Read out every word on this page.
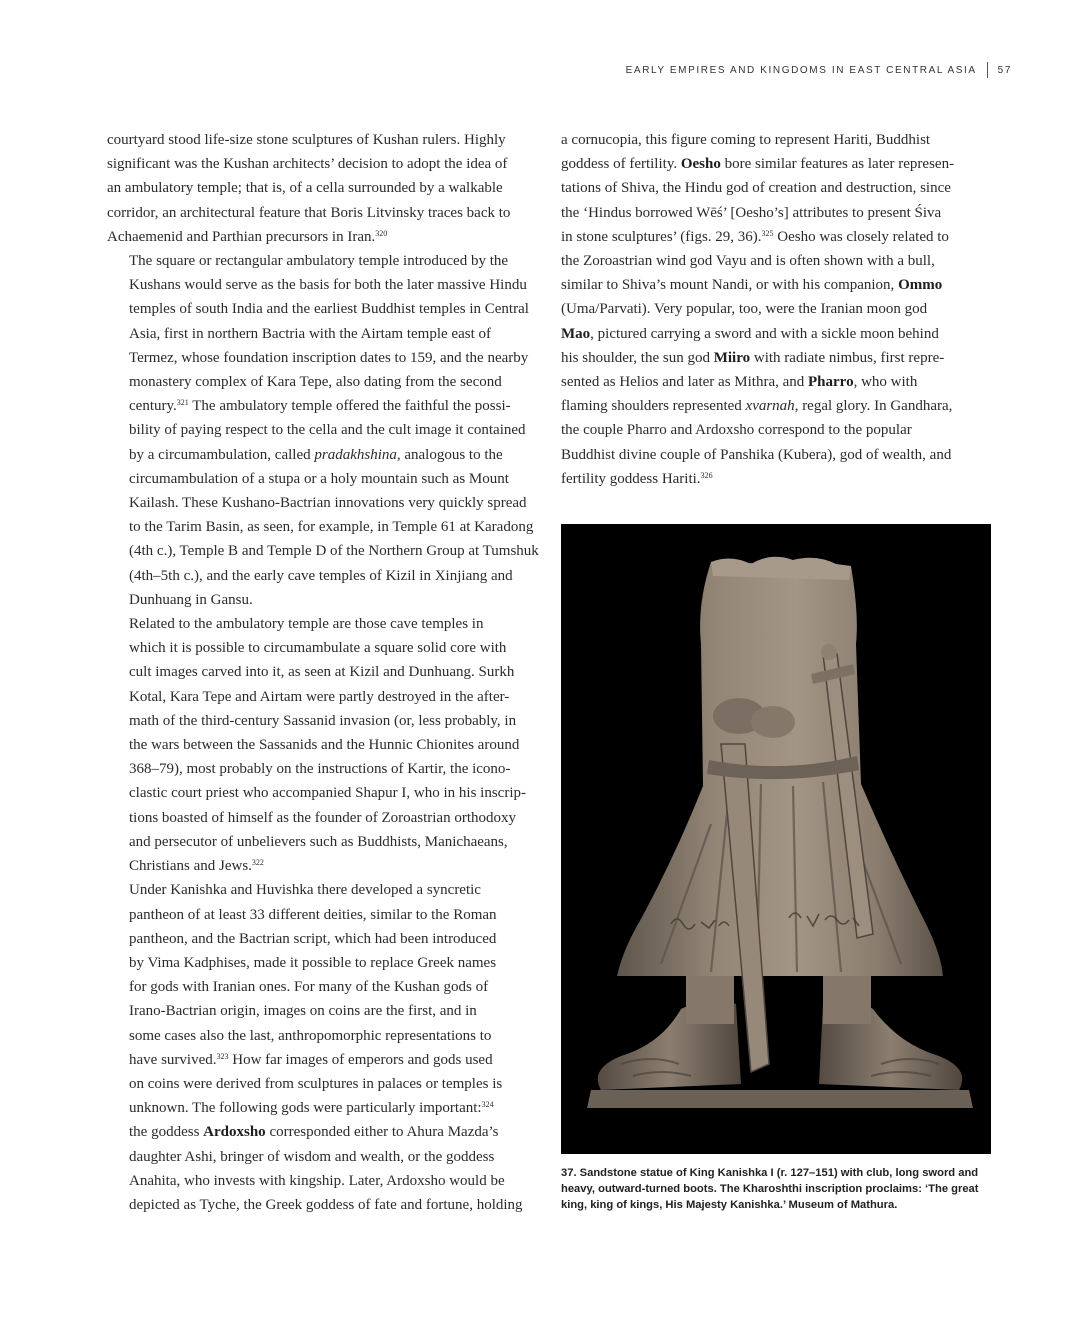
EARLY EMPIRES AND KINGDOMS IN EAST CENTRAL ASIA 57

courtyard stood life-size stone sculptures of Kushan rulers. Highly
significant was the Kushan architects’ decision to adopt the idea of
an ambulatory temple; that is, of a cella surrounded by a walkable
corridor, an architectural feature that Boris Litvinsky traces back to
Achaemenid and Parthian precursors in Iran.$^{320}$

The square or rectangular ambulatory temple introduced by the
Kushans would serve as the basis for both the later massive Hindu
temples of south India and the earliest Buddhist temples in Central
Asia, first in northern Bactria with the Airtam temple east of
Termez, whose foundation inscription dates to 159, and the nearby
monastery complex of Kara Tepe, also dating from the second
century.$^{321}$ The ambulatory temple offered the faithful the possi-
bility of paying respect to the cella and the cult image it contained
by a circumambulation, called pradakhshina, analogous to the
circumambulation of a stupa or a holy mountain such as Mount
Kailash. These Kushano-Bactrian innovations very quickly spread
to the Tarim Basin, as seen, for example, in Temple 61 at Karadong
(4th c.), Temple B and Temple D of the Northern Group at Tumshuk
(4th–5th c.), and the early cave temples of Kizil in Xinjiang and
Dunhuang in Gansu.

Related to the ambulatory temple are those cave temples in
which it is possible to circumambulate a square solid core with
cult images carved into it, as seen at Kizil and Dunhuang. Surkh
Kotal, Kara Tepe and Airtam were partly destroyed in the after-
math of the third-century Sassanid invasion (or, less probably, in
the wars between the Sassanids and the Hunnic Chionites around
368–79), most probably on the instructions of Kartir, the icono-
clastic court priest who accompanied Shapur I, who in his inscrip-
tions boasted of himself as the founder of Zoroastrian orthodoxy
and persecutor of unbelievers such as Buddhists, Manichaeans,
Christians and Jews.$^{322}$

Under Kanishka and Huvishka there developed a syncretic
pantheon of at least 33 different deities, similar to the Roman
pantheon, and the Bactrian script, which had been introduced
by Vima Kadphises, made it possible to replace Greek names
for gods with Iranian ones. For many of the Kushan gods of
Irano-Bactrian origin, images on coins are the first, and in
some cases also the last, anthropomorphic representations to
have survived.$^{323}$ How far images of emperors and gods used
on coins were derived from sculptures in palaces or temples is
unknown. The following gods were particularly important:$^{324}$
the goddess Ardoxsho corresponded either to Ahura Mazda’s
daughter Ashi, bringer of wisdom and wealth, or the goddess
Anahita, who invests with kingship. Later, Ardoxsho would be
depicted as Tyche, the Greek goddess of fate and fortune, holding

a cornucopia, this figure coming to represent Hariti, Buddhist
goddess of fertility. Oesho bore similar features as later represen-
tations of Shiva, the Hindu god of creation and destruction, since
the ‘Hindus borrowed Wēś’ [Oesho’s] attributes to present Śiva
in stone sculptures’ (figs. 29, 36).$^{325}$ Oesho was closely related to
the Zoroastrian wind god Vayu and is often shown with a bull,
similar to Shiva’s mount Nandi, or with his companion, Ommo
(Uma/Parvati). Very popular, too, were the Iranian moon god
Mao, pictured carrying a sword and with a sickle moon behind
his shoulder, the sun god Miiro with radiate nimbus, first repre-
sented as Helios and later as Mithra, and Pharro, who with
flaming shoulders represented xvarnah, regal glory. In Gandhara,
the couple Pharro and Ardoxsho correspond to the popular
Buddhist divine couple of Panshika (Kubera), god of wealth, and
fertility goddess Hariti.$^{326}$

37. Sandstone statue of King Kanishka I (r. 127–151) with club, long sword and
heavy, outward-turned boots. The Kharoshthi inscription proclaims: ‘The great
king, king of kings, His Majesty Kanishka.’ Museum of Mathura.
